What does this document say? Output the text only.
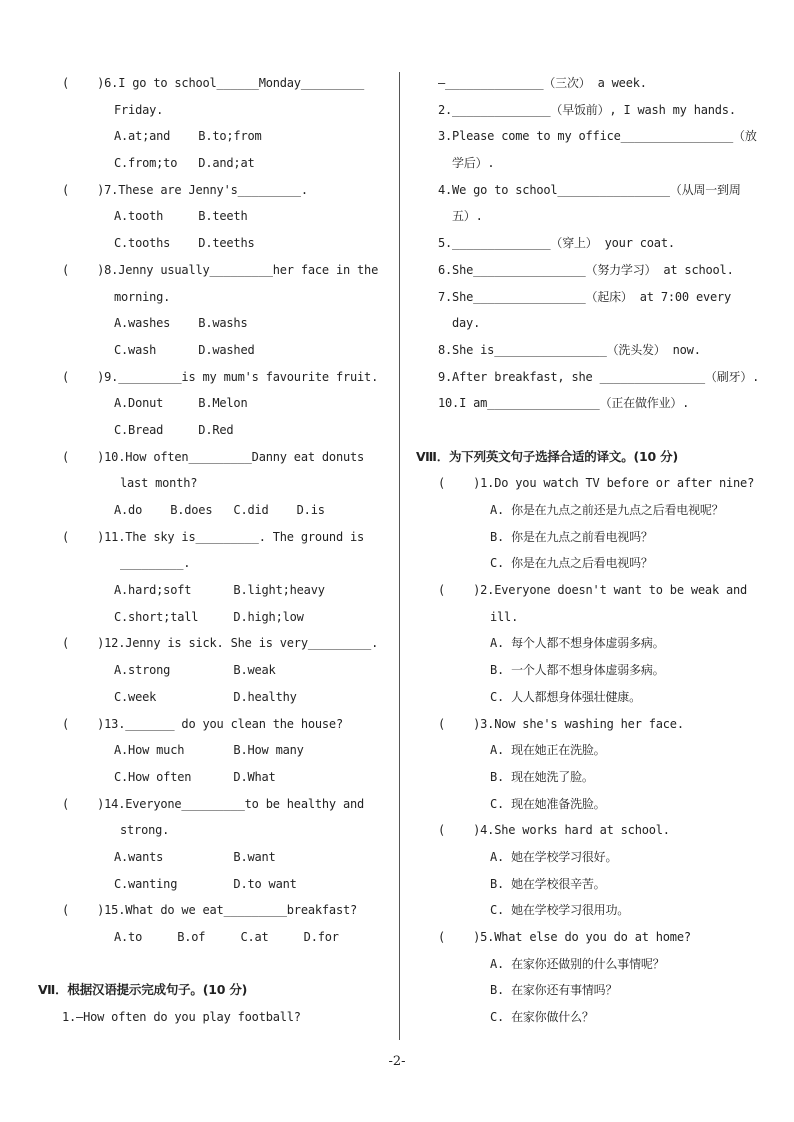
(    )6.I go to school______Monday_________
Friday.
A.at;and    B.to;from
C.from;to   D.and;at
(    )7.These are Jenny's_________.
A.tooth     B.teeth
C.tooths    D.teeths
(    )8.Jenny usually_________her face in the
morning.
A.washes    B.washs
C.wash      D.washed
(    )9._________is my mum's favourite fruit.
A.Donut     B.Melon
C.Bread     D.Red
(    )10.How often_________Danny eat donuts
last month?
A.do    B.does   C.did    D.is
(    )11.The sky is_________. The ground is
_________.
A.hard;soft      B.light;heavy
C.short;tall     D.high;low
(    )12.Jenny is sick. She is very_________.
A.strong         B.weak
C.week           D.healthy
(    )13._______ do you clean the house?
A.How much       B.How many
C.How often      D.What
(    )14.Everyone_________to be healthy and
strong.
A.wants          B.want
C.wanting        D.to want
(    )15.What do we eat_________breakfast?
A.to     B.of     C.at     D.for
Ⅶ．根据汉语提示完成句子。(10 分)
1.—How often do you play football?
—______________（三次） a week.
2.______________（早饭前）, I wash my hands.
3.Please come to my office________________（放
学后）.
4.We go to school________________（从周一到周
五）.
5.______________（穿上） your coat.
6.She________________（努力学习） at school.
7.She________________（起床） at 7:00 every
day.
8.She is________________（洗头发） now.
9.After breakfast, she _______________（刷牙）.
10.I am________________（正在做作业）.
Ⅷ．为下列英文句子选择合适的译文。(10 分)
(    )1.Do you watch TV before or after nine?
A. 你是在九点之前还是九点之后看电视呢？
B. 你是在九点之前看电视吗？
C. 你是在九点之后看电视吗？
(    )2.Everyone doesn't want to be weak and
ill.
A. 每个人都不想身体虚弱多病。
B. 一个人都不想身体虚弱多病。
C. 人人都想身体强壮健康。
(    )3.Now she's washing her face.
A. 现在她正在洗脸。
B. 现在她洗了脸。
C. 现在她准备洗脸。
(    )4.She works hard at school.
A. 她在学校学习很好。
B. 她在学校很辛苦。
C. 她在学校学习很用功。
(    )5.What else do you do at home?
A. 在家你还做别的什么事情呢？
B. 在家你还有事情吗？
C. 在家你做什么？
-2-
